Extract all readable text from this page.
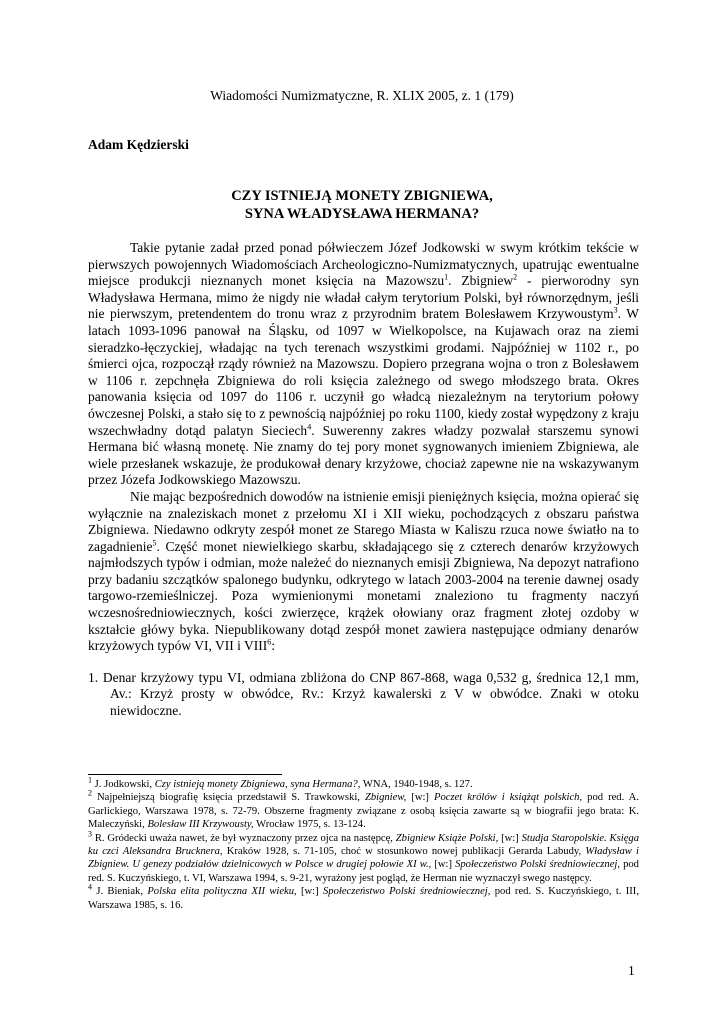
Wiadomości Numizmatyczne, R. XLIX 2005, z. 1 (179)
Adam Kędzierski
CZY ISTNIEJĄ MONETY ZBIGNIEWA,
SYNA WŁADYSŁAWA HERMANA?

Takie pytanie zadał przed ponad półwieczem Józef Jodkowski w swym krótkim tekście w pierwszych powojennych Wiadomościach Archeologiczno-Numizmatycznych, upatrując ewentualne miejsce produkcji nieznanych monet księcia na Mazowszu$^1$. Zbigniew$^2$ - pierworodny syn Władysława Hermana, mimo że nigdy nie władał całym terytorium Polski, był równorzędnym, jeśli nie pierwszym, pretendentem do tronu wraz z przyrodnim bratem Bolesławem Krzywoustym$^3$. W latach 1093-1096 panował na Śląsku, od 1097 w Wielkopolsce, na Kujawach oraz na ziemi sieradzko-łęczyckiej, władając na tych terenach wszystkimi grodami. Najpóźniej w 1102 r., po śmierci ojca, rozpoczął rządy również na Mazowszu. Dopiero przegrana wojna o tron z Bolesławem w 1106 r. zepchnęła Zbigniewa do roli księcia zależnego od swego młodszego brata. Okres panowania księcia od 1097 do 1106 r. uczynił go władcą niezależnym na terytorium połowy ówczesnej Polski, a stało się to z pewnością najpóźniej po roku 1100, kiedy został wypędzony z kraju wszechwładny dotąd palatyn Sieciech$^4$. Suwerenny zakres władzy pozwalał starszemu synowi Hermana bić własną monetę. Nie znamy do tej pory monet sygnowanych imieniem Zbigniewa, ale wiele przesłanek wskazuje, że produkował denary krzyżowe, chociaż zapewne nie na wskazywanym przez Józefa Jodkowskiego Mazowszu.

Nie mając bezpośrednich dowodów na istnienie emisji pieniężnych księcia, można opierać się wyłącznie na znaleziskach monet z przełomu XI i XII wieku, pochodzących z obszaru państwa Zbigniewa. Niedawno odkryty zespół monet ze Starego Miasta w Kaliszu rzuca nowe światło na to zagadnienie$^5$. Część monet niewielkiego skarbu, składającego się z czterech denarów krzyżowych najmłodszych typów i odmian, może należeć do nieznanych emisji Zbigniewa, Na depozyt natrafiono przy badaniu szczątków spalonego budynku, odkrytego w latach 2003-2004 na terenie dawnej osady targowo-rzemieślniczej. Poza wymienionymi monetami znaleziono tu fragmenty naczyń wczesnośredniowiecznych, kości zwierzęce, krążek ołowiany oraz fragment złotej ozdoby w kształcie główy byka. Niepublikowany dotąd zespół monet zawiera następujące odmiany denarów krzyżowych typów VI, VII i VIII$^6$:

1. Denar krzyżowy typu VI, odmiana zbliżona do CNP 867-868, waga 0,532 g, średnica 12,1 mm, Av.: Krzyż prosty w obwódce, Rv.: Krzyż kawalerski z V w obwódce. Znaki w otoku niewidoczne.

$^1$ J. Jodkowski, Czy istnieją monety Zbigniewa, syna Hermana?, WNA, 1940-1948, s. 127.

$^2$ Najpełniejszą biografię księcia przedstawił S. Trawkowski, Zbigniew, [w:] Poczet królów i książąt polskich, pod red. A. Garlickiego, Warszawa 1978, s. 72-79. Obszerne fragmenty związane z osobą księcia zawarte są w biografii jego brata: K. Maleczyński, Bolesław III Krzywousty, Wrocław 1975, s. 13-124.

$^3$ R. Gródecki uważa nawet, że był wyznaczony przez ojca na następcę, Zbigniew Książe Polski, [w:] Studja Staropolskie. Księga ku czci Aleksandra Brucknera, Kraków 1928, s. 71-105, choć w stosunkowo nowej publikacji Gerarda Labudy, Władysław i Zbigniew. U genezy podziałów dzielnicowych w Polsce w drugiej połowie XI w., [w:] Społeczeństwo Polski średniowiecznej, pod red. S. Kuczyńskiego, t. VI, Warszawa 1994, s. 9-21, wyrażony jest pogląd, że Herman nie wyznaczył swego następcy.

$^4$ J. Bieniak, Polska elita polityczna XII wieku, [w:] Społeczeństwo Polski średniowiecznej, pod red. S. Kuczyńskiego, t. III, Warszawa 1985, s. 16.

1
